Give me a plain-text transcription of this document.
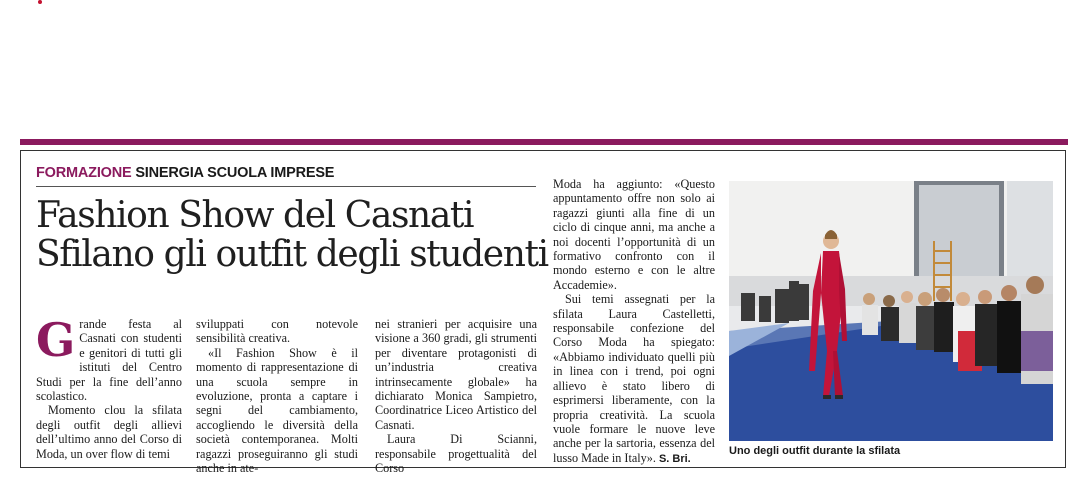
FORMAZIONE SINERGIA SCUOLA IMPRESE
Fashion Show del Casnati
Sfilano gli outfit degli studenti

Grande festa al Casnati con studenti e genitori di tutti gli istituti del Centro Studi per la fine dell’anno scolastico.

Momento clou la sfilata degli outfit degli allievi dell’ultimo anno del Corso di Moda, un over flow di temi

sviluppati con notevole sensibilità creativa.

«Il Fashion Show è il momento di rappresentazione di una scuola sempre in evoluzione, pronta a captare i segni del cambiamento, accogliendo le diversità della società contemporanea. Molti ragazzi proseguiranno gli studi anche in ate-

nei stranieri per acquisire una visione a 360 gradi, gli strumenti per diventare protagonisti di un’industria creativa intrinsecamente globale» ha dichiarato Monica Sampietro, Coordinatrice Liceo Artistico del Casnati.

Laura Di Scianni, responsabile progettualità del Corso

Moda ha aggiunto: «Questo appuntamento offre non solo ai ragazzi giunti alla fine di un ciclo di cinque anni, ma anche a noi docenti l’opportunità di un formativo confronto con il mondo esterno e con le altre Accademie».

Sui temi assegnati per la sfilata Laura Castelletti, responsabile confezione del Corso Moda ha spiegato: «Abbiamo individuato quelli più in linea con i trend, poi ogni allievo è stato libero di esprimersi liberamente, con la propria creatività. La scuola vuole formare le nuove leve anche per la sartoria, essenza del lusso Made in Italy». S. Bri.

Uno degli outfit durante la sfilata
